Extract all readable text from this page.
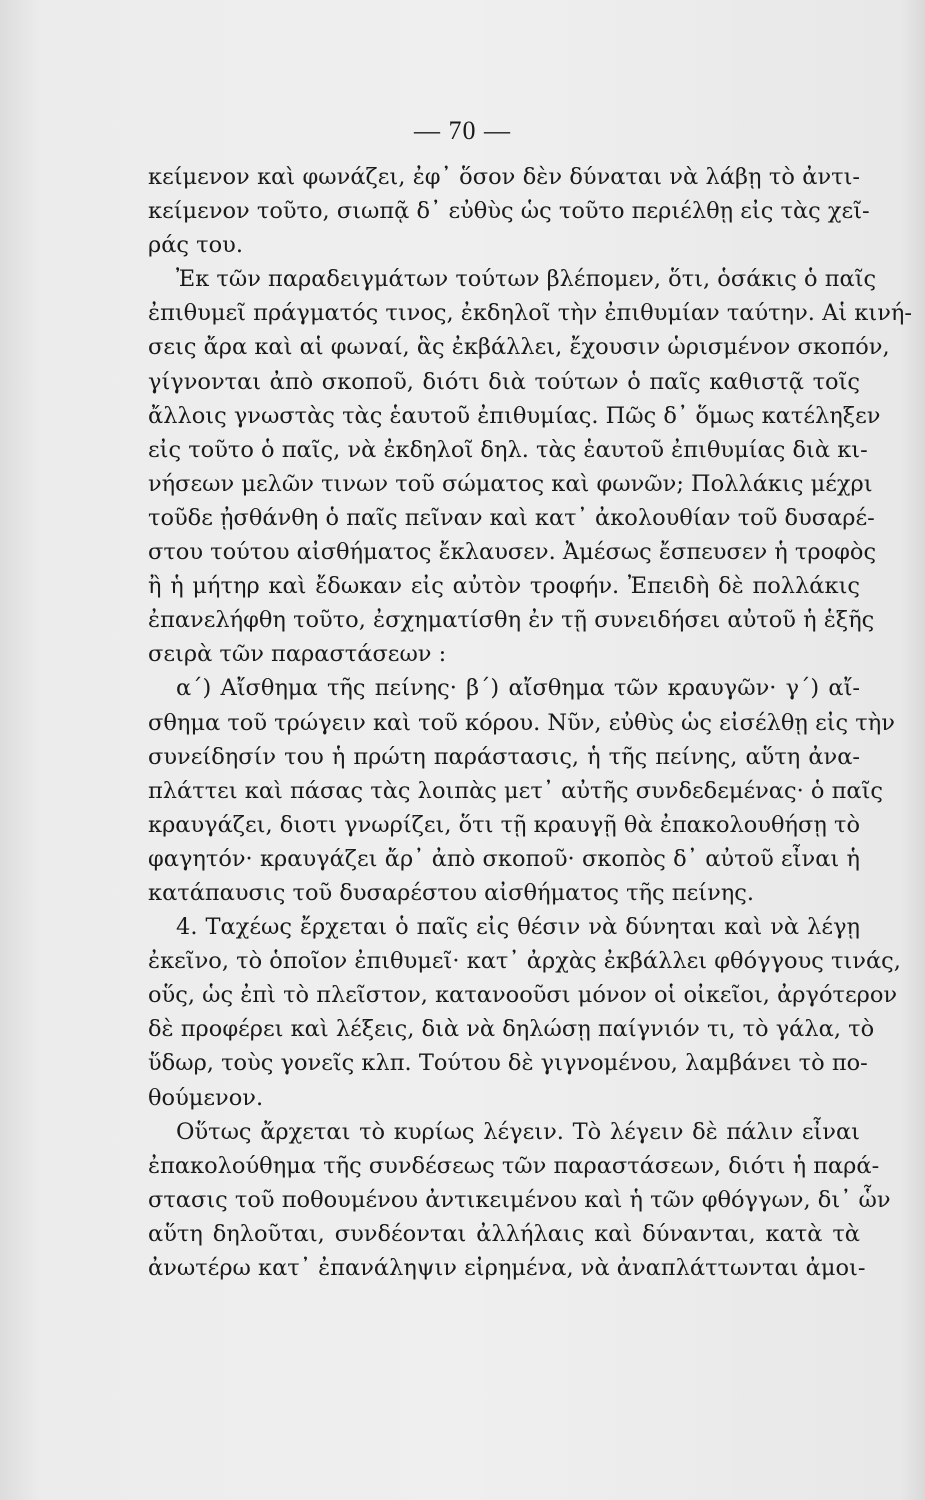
— 70 —
κείμενον καὶ φωνάζει, ἐφ᾽ ὅσον δὲν δύναται νὰ λάβῃ τὸ ἀντι-
κείμενον τοῦτο, σιωπᾷ δ᾽ εὐθὺς ὡς τοῦτο περιέλθῃ εἰς τὰς χεῖ-
ράς του.
Ἐκ τῶν παραδειγμάτων τούτων βλέπομεν, ὅτι, ὁσάκις ὁ παῖς
ἐπιθυμεῖ πράγματός τινος, ἐκδηλοῖ τὴν ἐπιθυμίαν ταύτην. Αἱ κινή-
σεις ἄρα καὶ αἱ φωναί, ἃς ἐκβάλλει, ἔχουσιν ὡρισμένον σκοπόν,
γίγνονται ἀπὸ σκοποῦ, διότι διὰ τούτων ὁ παῖς καθιστᾷ τοῖς
ἄλλοις γνωστὰς τὰς ἑαυτοῦ ἐπιθυμίας. Πῶς δ᾽ ὅμως κατέληξεν
εἰς τοῦτο ὁ παῖς, νὰ ἐκδηλοῖ δηλ. τὰς ἑαυτοῦ ἐπιθυμίας διὰ κι-
νήσεων μελῶν τινων τοῦ σώματος καὶ φωνῶν; Πολλάκις μέχρι
τοῦδε ᾐσθάνθη ὁ παῖς πεῖναν καὶ κατ᾽ ἀκολουθίαν τοῦ δυσαρέ-
στου τούτου αἰσθήματος ἔκλαυσεν. Ἀμέσως ἔσπευσεν ἡ τροφὸς
ἢ ἡ μήτηρ καὶ ἔδωκαν εἰς αὐτὸν τροφήν. Ἐπειδὴ δὲ πολλάκις
ἐπανελήφθη τοῦτο, ἐσχηματίσθη ἐν τῇ συνειδήσει αὐτοῦ ἡ ἑξῆς
σειρὰ τῶν παραστάσεων :
α´) Αἴσθημα τῆς πείνης· β´) αἴσθημα τῶν κραυγῶν· γ´) αἴ-
σθημα τοῦ τρώγειν καὶ τοῦ κόρου. Νῦν, εὐθὺς ὡς εἰσέλθῃ εἰς τὴν
συνείδησίν του ἡ πρώτη παράστασις, ἡ τῆς πείνης, αὕτη ἀνα-
πλάττει καὶ πάσας τὰς λοιπὰς μετ᾽ αὐτῆς συνδεδεμένας· ὁ παῖς
κραυγάζει, διοτι γνωρίζει, ὅτι τῇ κραυγῇ θὰ ἐπακολουθήσῃ τὸ
φαγητόν· κραυγάζει ἄρ᾽ ἀπὸ σκοποῦ· σκοπὸς δ᾽ αὐτοῦ εἶναι ἡ
κατάπαυσις τοῦ δυσαρέστου αἰσθήματος τῆς πείνης.
4. Ταχέως ἔρχεται ὁ παῖς εἰς θέσιν νὰ δύνηται καὶ νὰ λέγῃ
ἐκεῖνο, τὸ ὁποῖον ἐπιθυμεῖ· κατ᾽ ἀρχὰς ἐκβάλλει φθόγγους τινάς,
οὕς, ὡς ἐπὶ τὸ πλεῖστον, κατανοοῦσι μόνον οἱ οἰκεῖοι, ἀργότερον
δὲ προφέρει καὶ λέξεις, διὰ νὰ δηλώσῃ παίγνιόν τι, τὸ γάλα, τὸ
ὕδωρ, τοὺς γονεῖς κλπ. Τούτου δὲ γιγνομένου, λαμβάνει τὸ πο-
θούμενον.
Οὕτως ἄρχεται τὸ κυρίως λέγειν. Τὸ λέγειν δὲ πάλιν εἶναι
ἐπακολούθημα τῆς συνδέσεως τῶν παραστάσεων, διότι ἡ παρά-
στασις τοῦ ποθουμένου ἀντικειμένου καὶ ἡ τῶν φθόγγων, δι᾽ ὧν
αὕτη δηλοῦται, συνδέονται ἀλλήλαις καὶ δύνανται, κατὰ τὰ
ἀνωτέρω κατ᾽ ἐπανάληψιν εἰρημένα, νὰ ἀναπλάττωνται ἀμοι-
